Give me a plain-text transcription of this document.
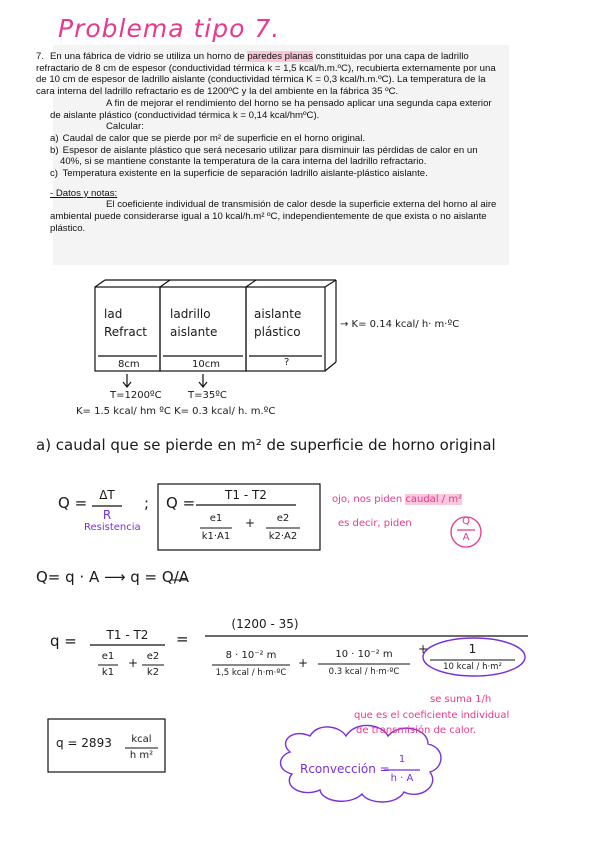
Problema tipo 7.

7. En una fábrica de vidrio se utiliza un horno de paredes planas constituidas por una capa de ladrillo refractario de 8 cm de espesor (conductividad térmica k = 1,5 kcal/h.m.ºC), recubierta externamente por una de 10 cm de espesor de ladrillo aislante (conductividad térmica K = 0,3 kcal/h.m.ºC). La temperatura de la cara interna del ladrillo refractario es de 1200ºC y la del ambiente en la fábrica 35 ºC.

A fin de mejorar el rendimiento del horno se ha pensado aplicar una segunda capa exterior de aislante plástico (conductividad térmica k = 0,14 kcal/hmºC).

Calcular:

a) Caudal de calor que se pierde por m² de superficie en el horno original.

b) Espesor de aislante plástico que será necesario utilizar para disminuir las pérdidas de calor en un 40%, si se mantiene constante la temperatura de la cara interna del ladrillo refractario.

c) Temperatura existente en la superficie de separación ladrillo aislante-plástico aislante.

- Datos y notas:

El coeficiente individual de transmisión de calor desde la superficie externa del horno al aire ambiental puede considerarse igual a 10 kcal/h.m² ºC, independientemente de que exista o no aislante plástico.

lad Refract
ladrillo aislante
aislante plástico
8cm	10cm	?
→ K= 0.14 kcal/ h· m·ºC
T=1200ºC	T=35ºC
K= 1.5 kcal/ hm ºC K= 0.3 kcal/ h. m.ºC
a) caudal que se pierde en m² de superficie de horno original
Q =	ΔT
R
Resistencia
; Q =	T1 - T2
e1
k1·A1
+	e2
k2·A2
ojo, nos piden caudal / m²
es decir, piden	Q
A
Q= q · A ⟶ q = Q/A
q =	T1 - T2
e1
k1
+ e2
k2
=
(1200 - 35)
8 · 10⁻² m
1,5 kcal / h·m·ºC
+
10 · 10⁻² m
0.3 kcal / h·m·ºC
+	1
10 kcal / h·m²
q = 2893	kcal
h m²
se suma 1/h
que es el coeficiente individual
de transmisión de calor.
Rconvección =
1
h · A
